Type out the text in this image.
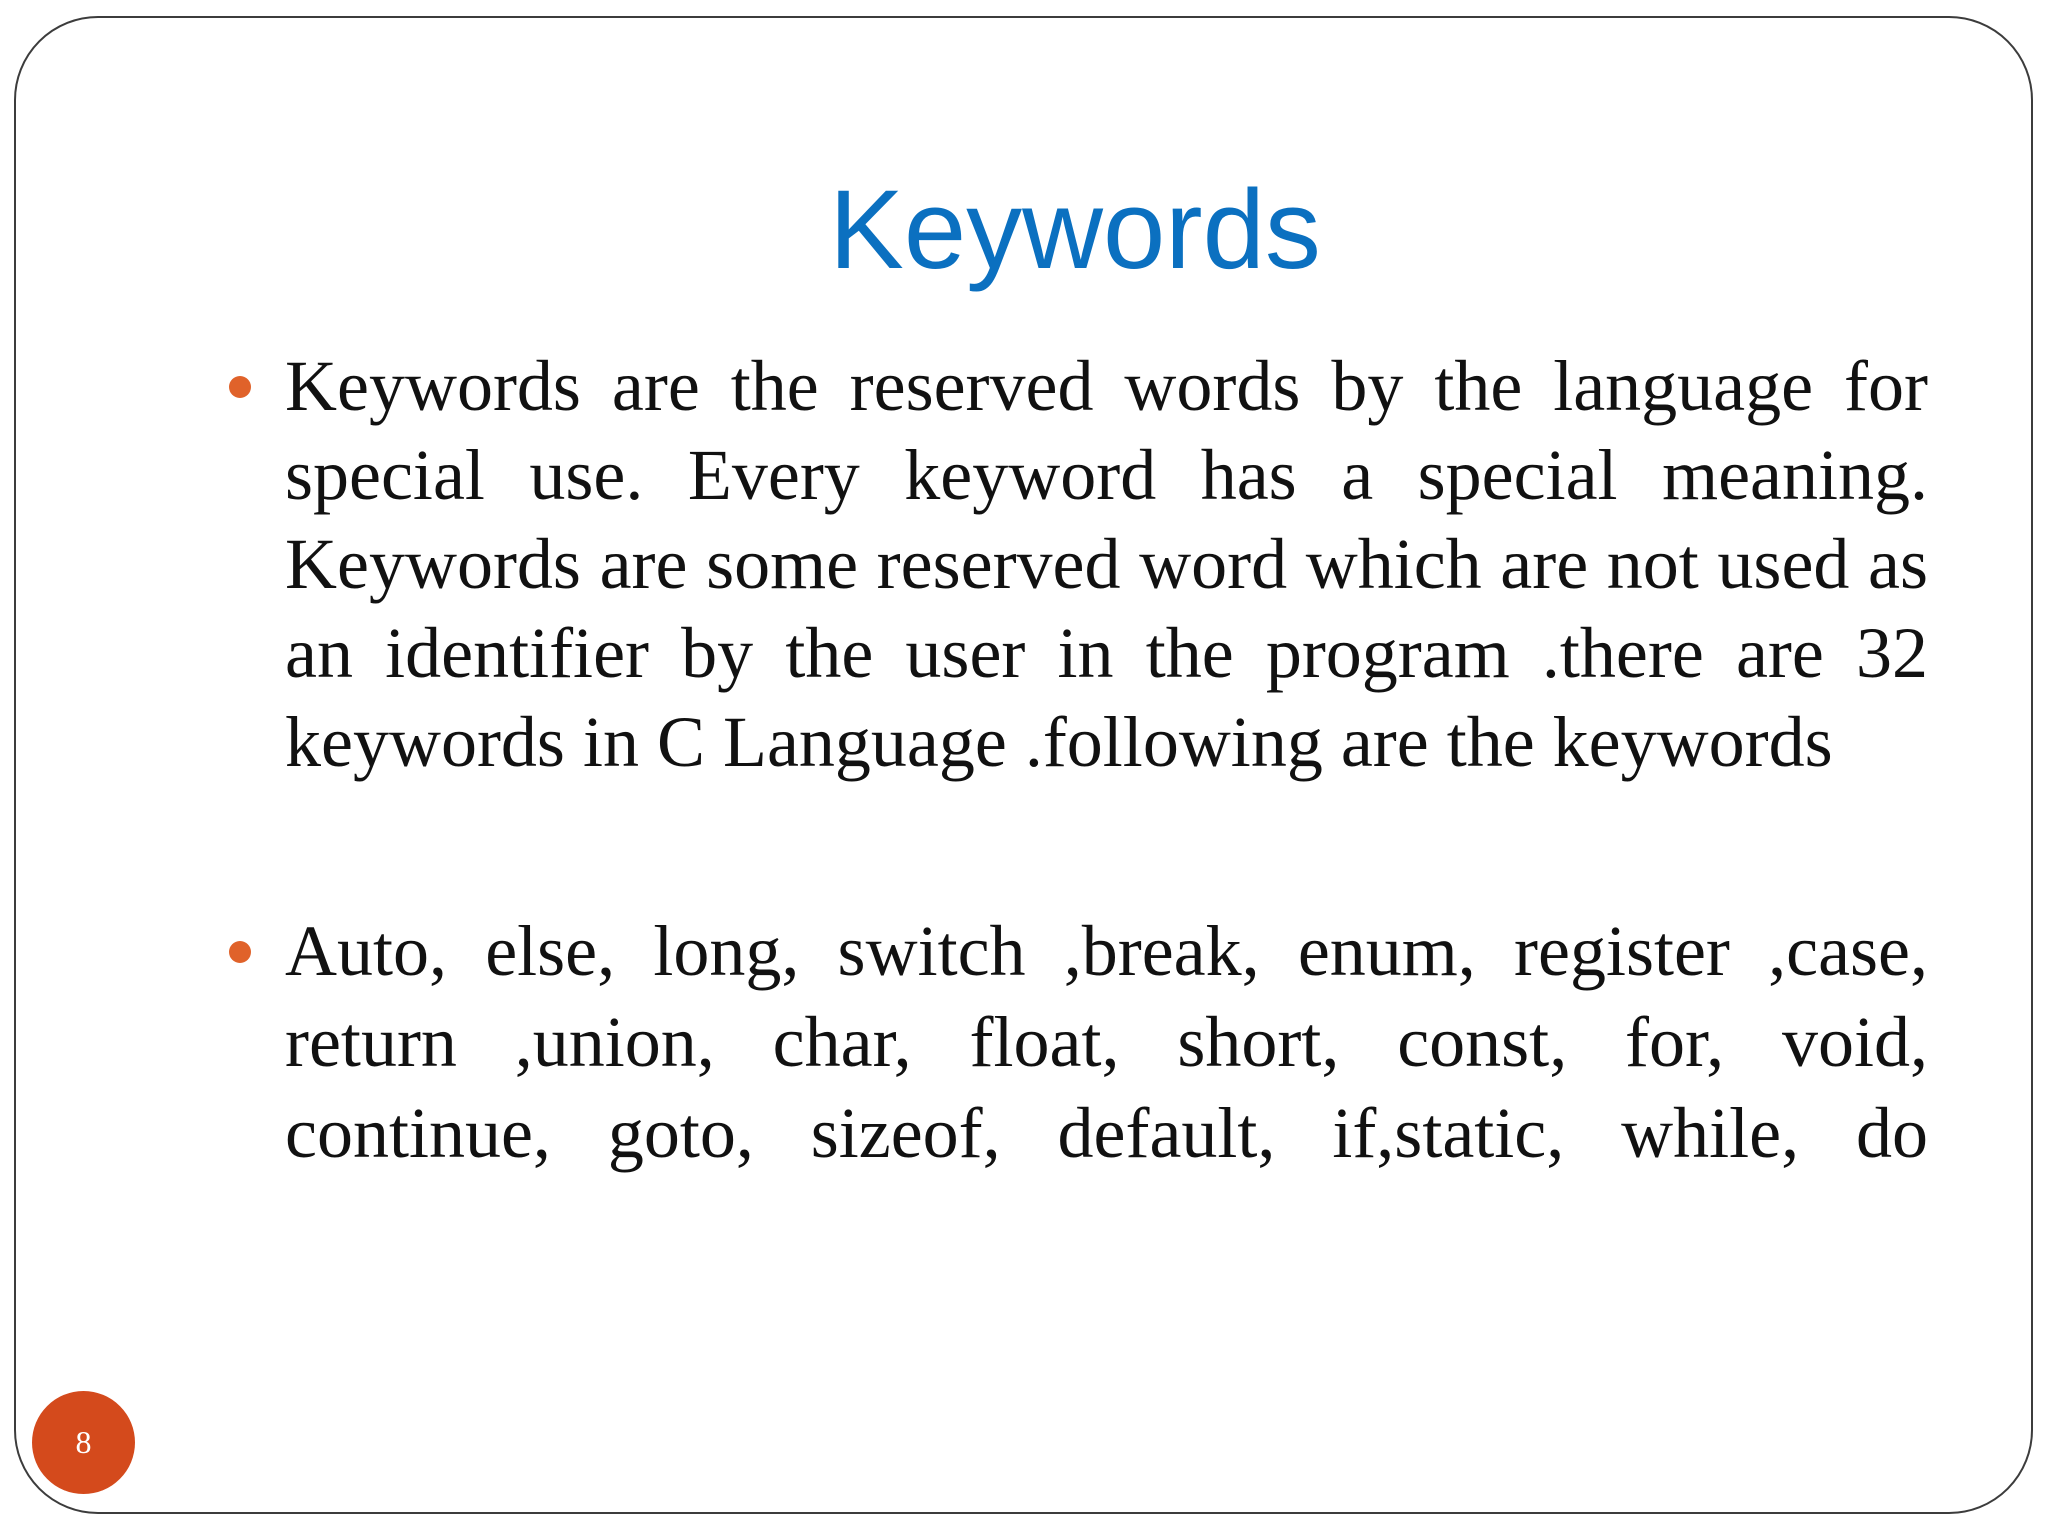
Keywords
Keywords are the reserved words by the language for special use. Every keyword has a special meaning. Keywords are some reserved word which are not used as an identifier by the user in the program .there are 32 keywords in C Language .following are the keywords
Auto, else, long, switch ,break, enum, register ,case, return ,union, char, float, short, const, for, void, continue, goto, sizeof, default, if,static, while, do
8
